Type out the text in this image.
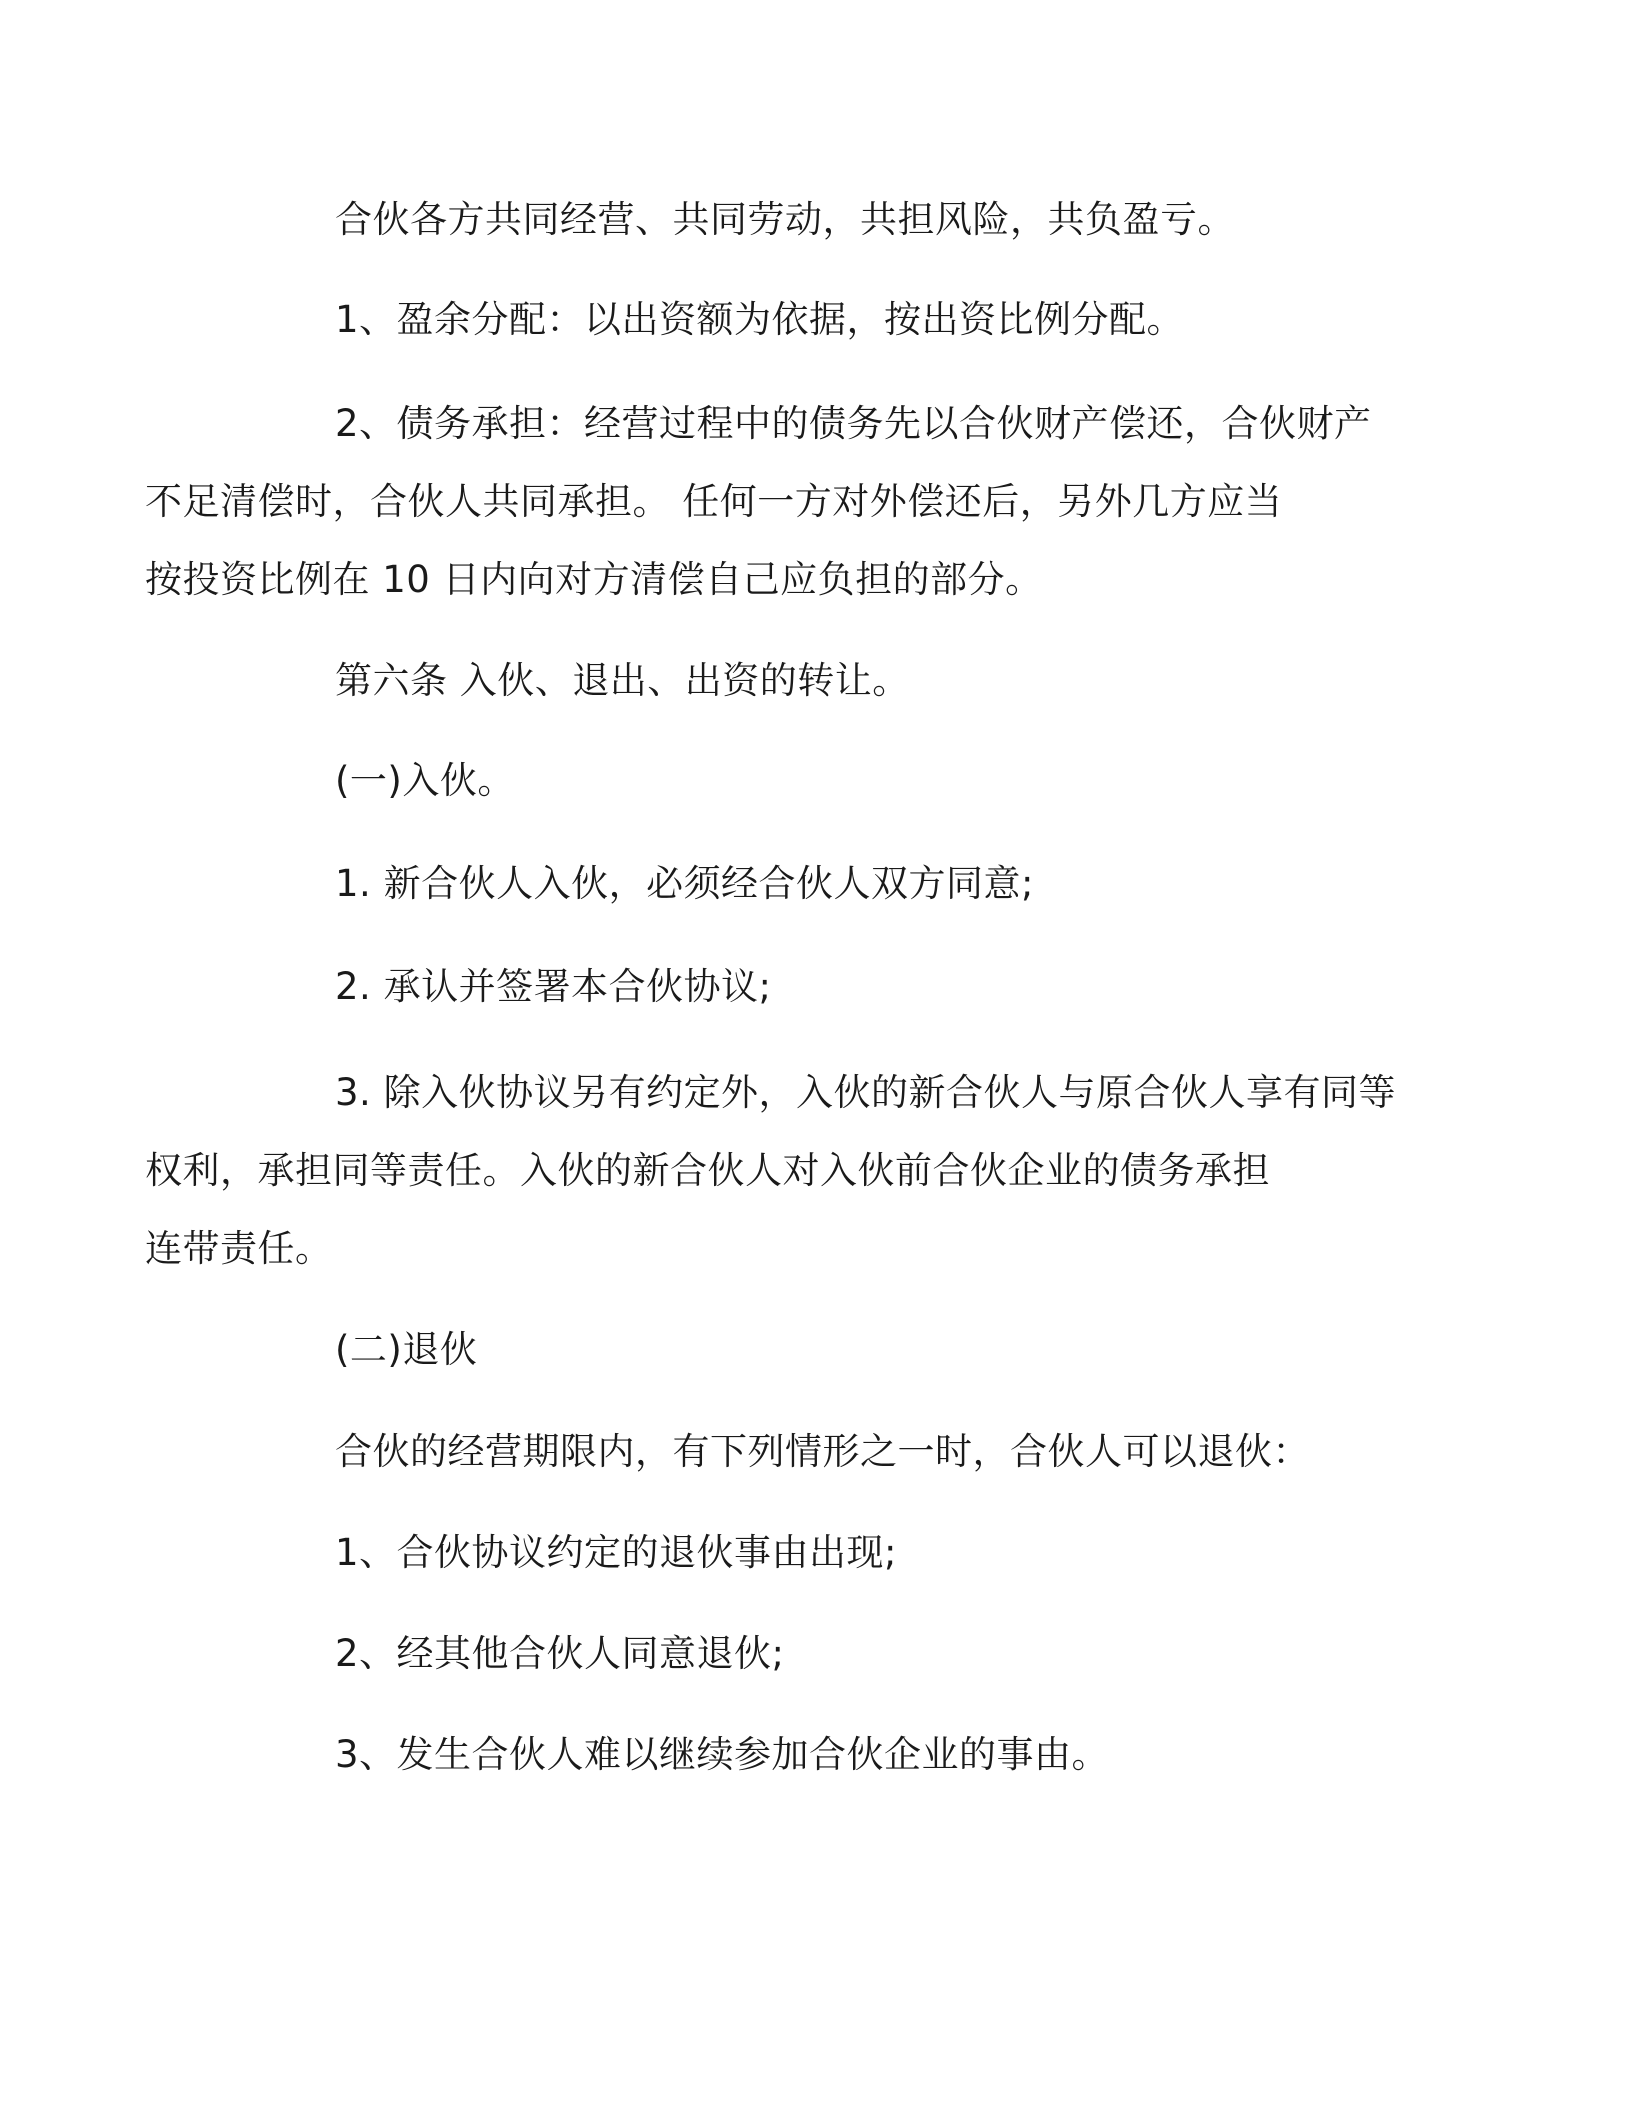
合伙各方共同经营、共同劳动，共担风险，共负盈亏。

1、盈余分配：以出资额为依据，按出资比例分配。

2、债务承担：经营过程中的债务先以合伙财产偿还，合伙财产
不足清偿时，合伙人共同承担。 任何一方对外偿还后，另外几方应当
按投资比例在 10 日内向对方清偿自己应负担的部分。

第六条 入伙、退出、出资的转让。

(一)入伙。

1. 新合伙人入伙，必须经合伙人双方同意;

2. 承认并签署本合伙协议;

3. 除入伙协议另有约定外，入伙的新合伙人与原合伙人享有同等
权利，承担同等责任。入伙的新合伙人对入伙前合伙企业的债务承担
连带责任。

(二)退伙

合伙的经营期限内，有下列情形之一时，合伙人可以退伙：

1、合伙协议约定的退伙事由出现;

2、经其他合伙人同意退伙;

3、发生合伙人难以继续参加合伙企业的事由。
